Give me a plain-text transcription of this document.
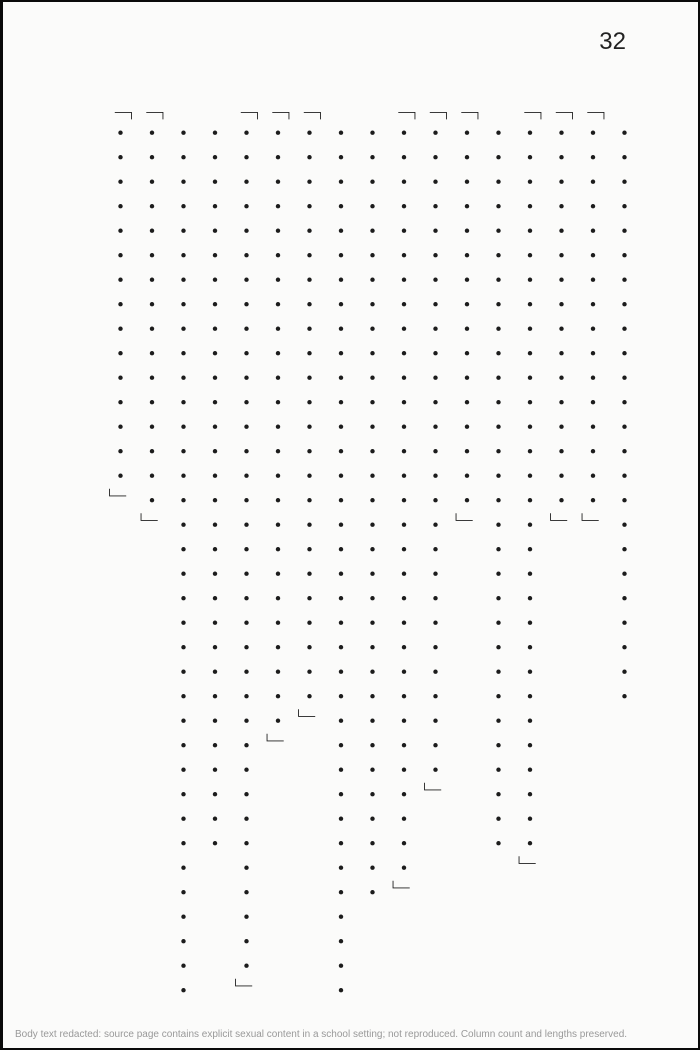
32

　・・・・・・・・・・・・・・・・・・・・・・・・

「・・・・・・・・・・・・・・・・」

「・・・・・・・・・・・・・・・・」

「・・・・・・・・・・・・・・・・・・・・・・・・・・・・・・」

　・・・・・・・・・・・・・・・・・・・・・・・・・・・・・・

「・・・・・・・・・・・・・・・・」

「・・・・・・・・・・・・・・・・・・・・・・・・・・・」

「・・・・・・・・・・・・・・・・・・・・・・・・・・・・・・・」

　・・・・・・・・・・・・・・・・・・・・・・・・・・・・・・・・

　・・・・・・・・・・・・・・・・・・・・・・・・・・・・・・・・・・・・

「・・・・・・・・・・・・・・・・・・・・・・・・」

「・・・・・・・・・・・・・・・・・・・・・・・・・」

「・・・・・・・・・・・・・・・・・・・・・・・・・・・・・・・・・・・」

　・・・・・・・・・・・・・・・・・・・・・・・・・・・・・・

　・・・・・・・・・・・・・・・・・・・・・・・・・・・・・・・・・・・・

「・・・・・・・・・・・・・・・・」

「・・・・・・・・・・・・・・・」

Body text redacted: source page contains explicit sexual content in a school setting; not reproduced. Column count and lengths preserved.
